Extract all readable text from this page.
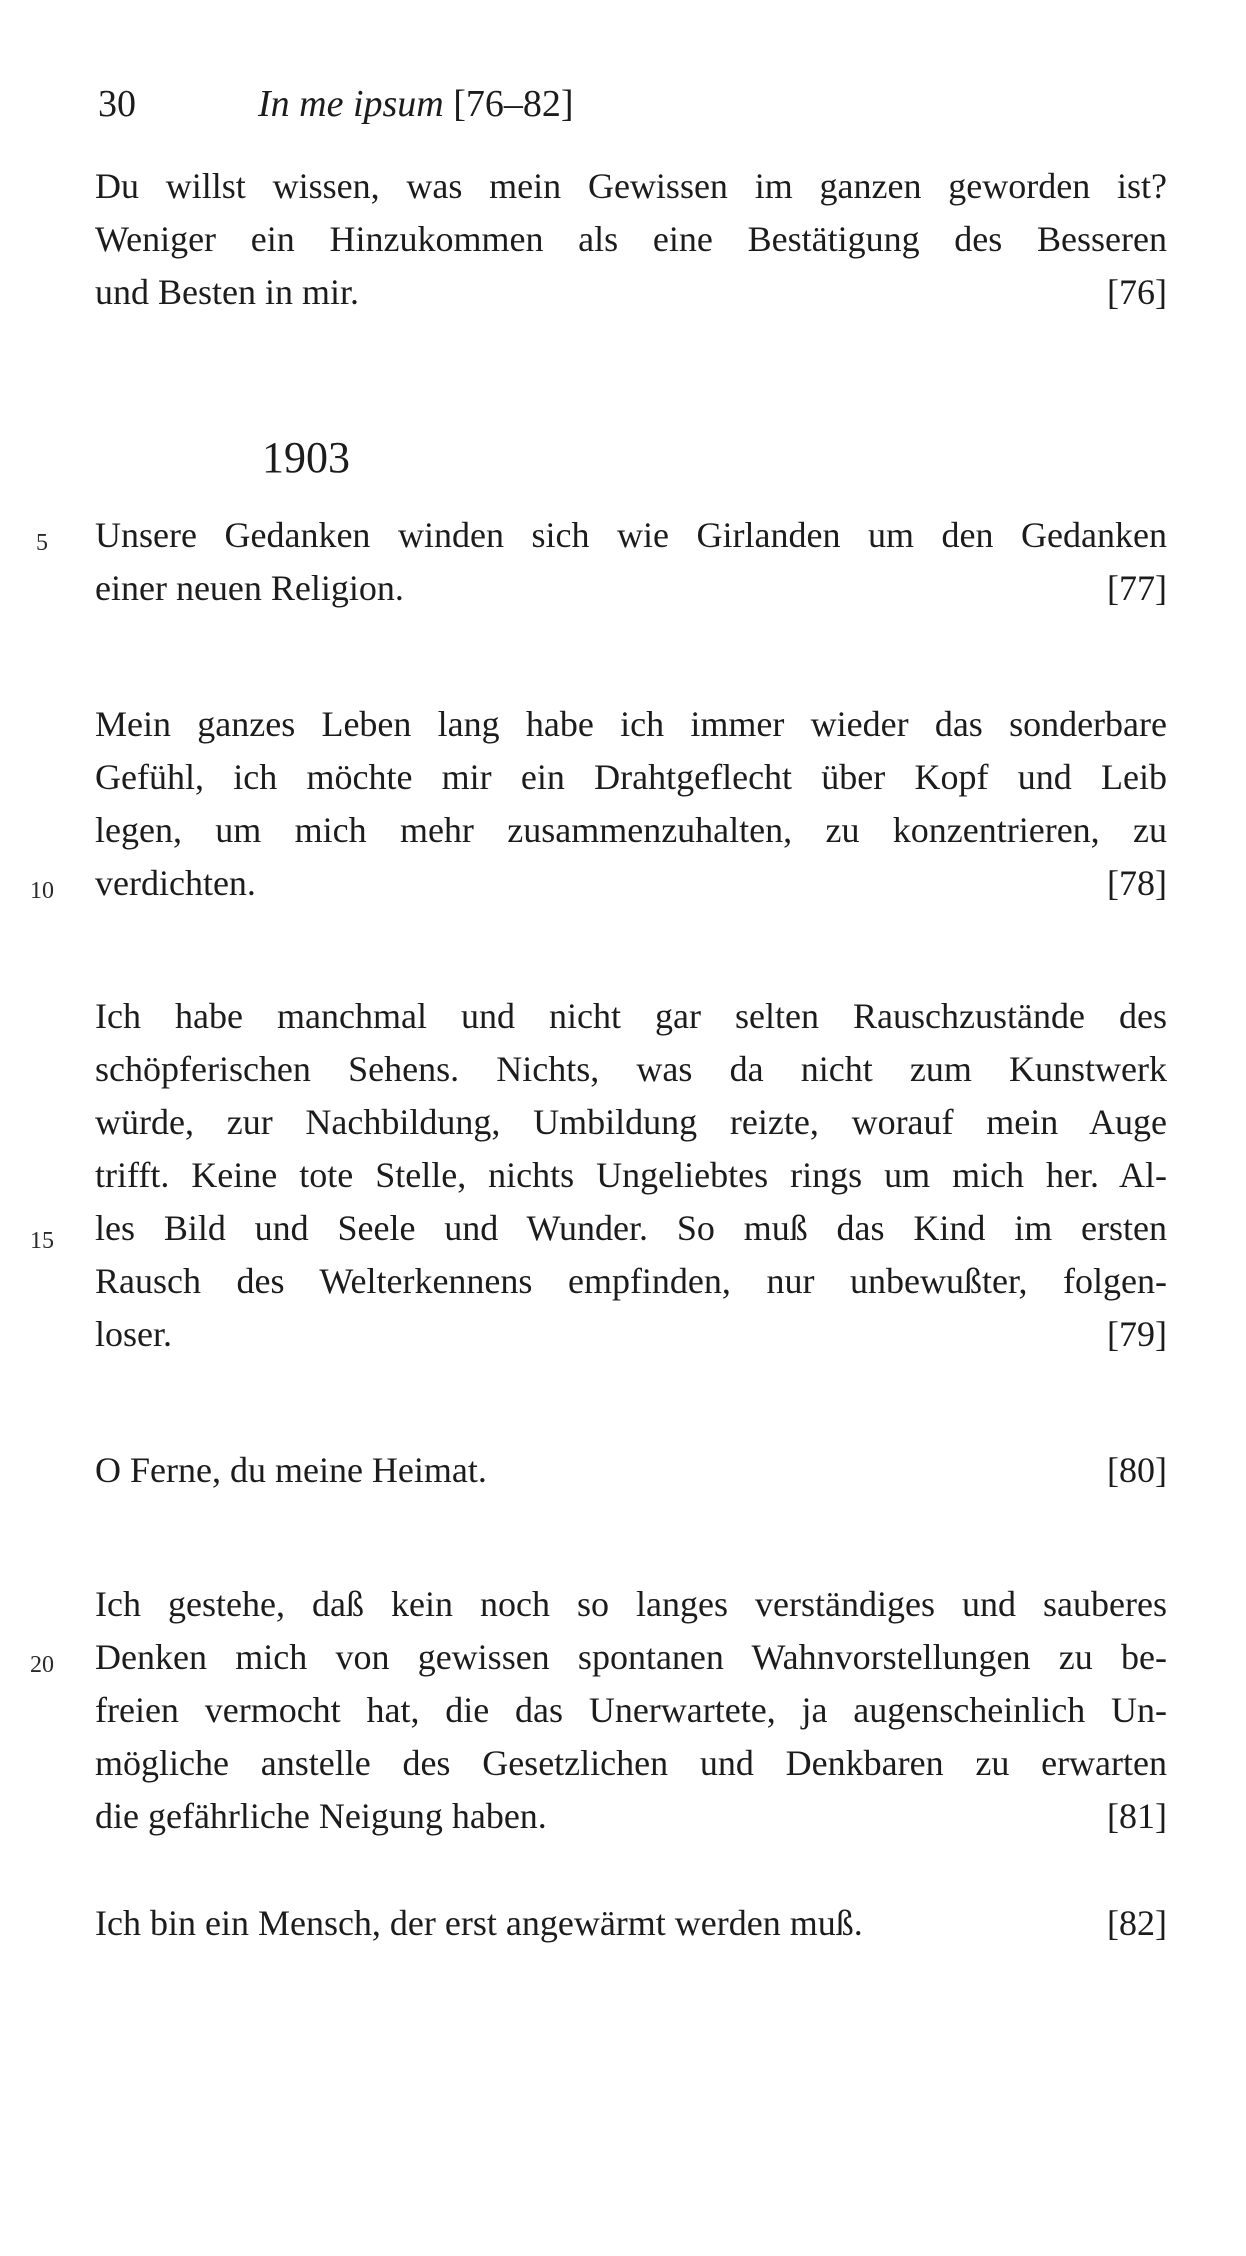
30	In me ipsum [76–82]
Du willst wissen, was mein Gewissen im ganzen geworden ist?
Weniger ein Hinzukommen als eine Bestätigung des Besseren
und Besten in mir.	[76]
1903
Unsere Gedanken winden sich wie Girlanden um den Gedanken
einer neuen Religion.	[77]
Mein ganzes Leben lang habe ich immer wieder das sonderbare
Gefühl, ich möchte mir ein Drahtgeflecht über Kopf und Leib
legen, um mich mehr zusammenzuhalten, zu konzentrieren, zu
verdichten.	[78]
Ich habe manchmal und nicht gar selten Rauschzustände des
schöpferischen Sehens. Nichts, was da nicht zum Kunstwerk
würde, zur Nachbildung, Umbildung reizte, worauf mein Auge
trifft. Keine tote Stelle, nichts Ungeliebtes rings um mich her. Al-
les Bild und Seele und Wunder. So muß das Kind im ersten
Rausch des Welterkennens empfinden, nur unbewußter, folgen-
loser.	[79]
O Ferne, du meine Heimat.	[80]
Ich gestehe, daß kein noch so langes verständiges und sauberes
Denken mich von gewissen spontanen Wahnvorstellungen zu be-
freien vermocht hat, die das Unerwartete, ja augenscheinlich Un-
mögliche anstelle des Gesetzlichen und Denkbaren zu erwarten
die gefährliche Neigung haben.	[81]
Ich bin ein Mensch, der erst angewärmt werden muß.	[82]
5
10
15
20
